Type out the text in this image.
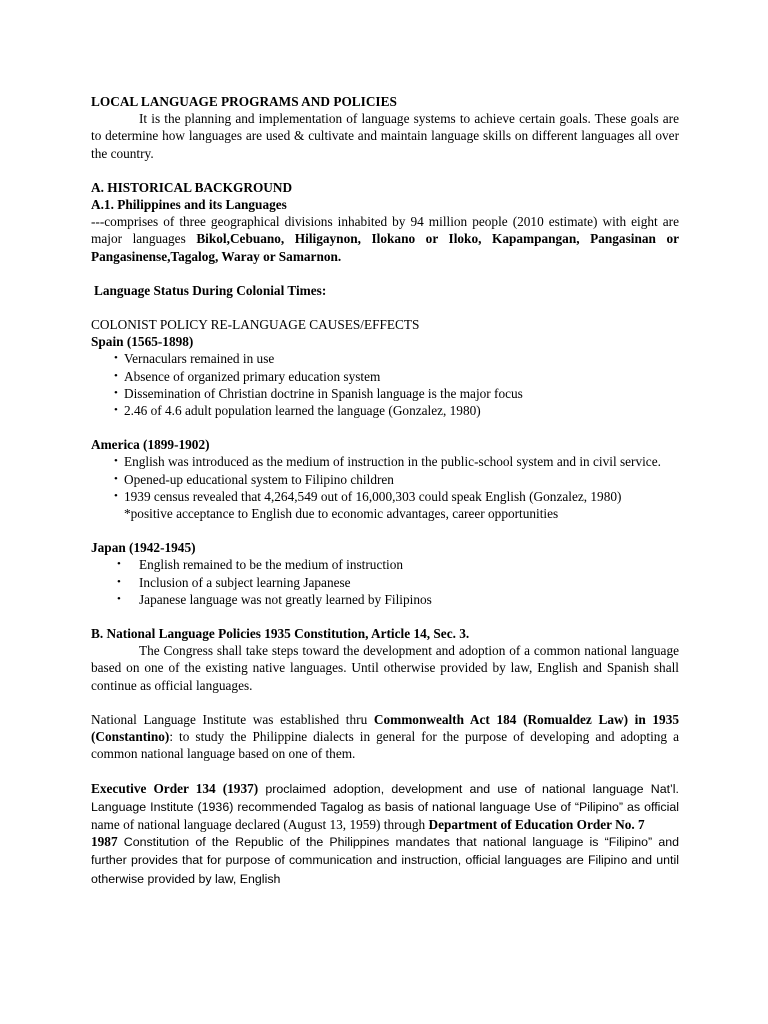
LOCAL LANGUAGE PROGRAMS AND POLICIES

It is the planning and implementation of language systems to achieve certain goals. These goals are to determine how languages are used & cultivate and maintain language skills on different languages all over the country.

A. HISTORICAL BACKGROUND

A.1. Philippines and its Languages

---comprises of three geographical divisions inhabited by 94 million people (2010 estimate) with eight are major languages Bikol,Cebuano, Hiligaynon, Ilokano or Iloko, Kapampangan, Pangasinan or Pangasinense,Tagalog, Waray or Samarnon.

Language Status During Colonial Times:

COLONIST POLICY RE-LANGUAGE CAUSES/EFFECTS

Spain (1565-1898)

• Vernaculars remained in use
• Absence of organized primary education system
• Dissemination of Christian doctrine in Spanish language is the major focus
• 2.46 of 4.6 adult population learned the language (Gonzalez, 1980)

America (1899-1902)

• English was introduced as the medium of instruction in the public-school system and in civil service.
• Opened-up educational system to Filipino children
• 1939 census revealed that 4,264,549 out of 16,000,303 could speak English (Gonzalez, 1980)
*positive acceptance to English due to economic advantages, career opportunities

Japan (1942-1945)

• English remained to be the medium of instruction
• Inclusion of a subject learning Japanese
• Japanese language was not greatly learned by Filipinos

B. National Language Policies 1935 Constitution, Article 14, Sec. 3.

The Congress shall take steps toward the development and adoption of a common national language based on one of the existing native languages. Until otherwise provided by law, English and Spanish shall continue as official languages.

National Language Institute was established thru Commonwealth Act 184 (Romualdez Law) in 1935 (Constantino): to study the Philippine dialects in general for the purpose of developing and adopting a common national language based on one of them.

Executive Order 134 (1937) proclaimed adoption, development and use of national language Nat’l. Language Institute (1936) recommended Tagalog as basis of national language Use of “Pilipino” as official name of national language declared (August 13, 1959) through Department of Education Order No. 7
1987 Constitution of the Republic of the Philippines mandates that national language is “Filipino” and further provides that for purpose of communication and instruction, official languages are Filipino and until otherwise provided by law, English
